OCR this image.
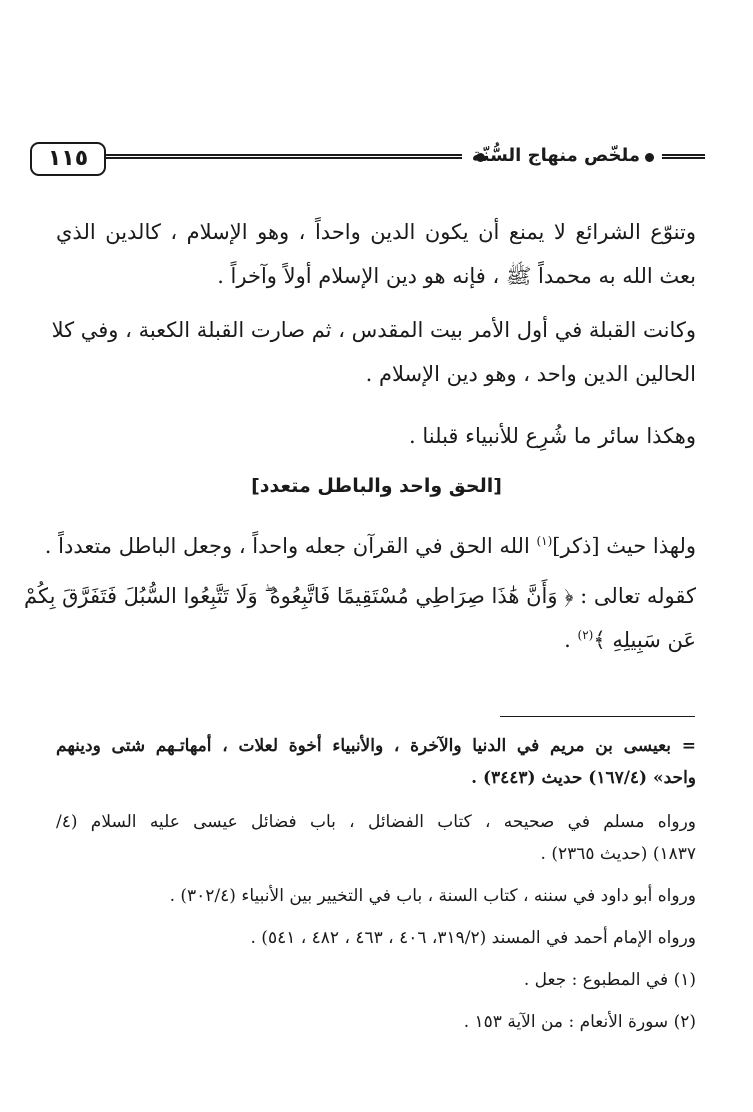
١١٥	ملخّص منهاج السُّنّة
وتنوّع الشرائع لا يمنع أن يكون الدين واحداً ، وهو الإسلام ، كالدين الذي
بعث الله به محمداً ﷺ ، فإنه هو دين الإسلام أولاً وآخراً .
وكانت القبلة في أول الأمر بيت المقدس ، ثم صارت القبلة الكعبة ، وفي كلا
الحالين الدين واحد ، وهو دين الإسلام .
وهكذا سائر ما شُرِع للأنبياء قبلنا .
[الحق واحد والباطل متعدد]
ولهذا حيث [ذكر]$^{(١)}$ الله الحق في القرآن جعله واحداً ، وجعل الباطل متعدداً .
كقوله تعالى : ﴿ وَأَنَّ هَٰذَا صِرَاطِي مُسْتَقِيمًا فَاتَّبِعُوهُ ۖ وَلَا تَتَّبِعُوا السُّبُلَ فَتَفَرَّقَ بِكُمْ
عَن سَبِيلِهِ ﴾$^{(٢)}$ .
= بعيسى بن مريم في الدنيا والآخرة ، والأنبياء أخوة لعلات ، أمهاتـهم شتى ودينهم
واحد» (١٦٧/٤) حديث (٣٤٤٣) .
ورواه مسلم في صحيحه ، كتاب الفضائل ، باب فضائل عيسى عليه السلام (٤/
١٨٣٧) (حديث ٢٣٦٥) .
ورواه أبو داود في سننه ، كتاب السنة ، باب في التخيير بين الأنبياء (٣٠٢/٤) .
ورواه الإمام أحمد في المسند (٣١٩/٢، ٤٠٦ ، ٤٦٣ ، ٤٨٢ ، ٥٤١) .
(١) في المطبوع : جعل .
(٢) سورة الأنعام : من الآية ١٥٣ .
